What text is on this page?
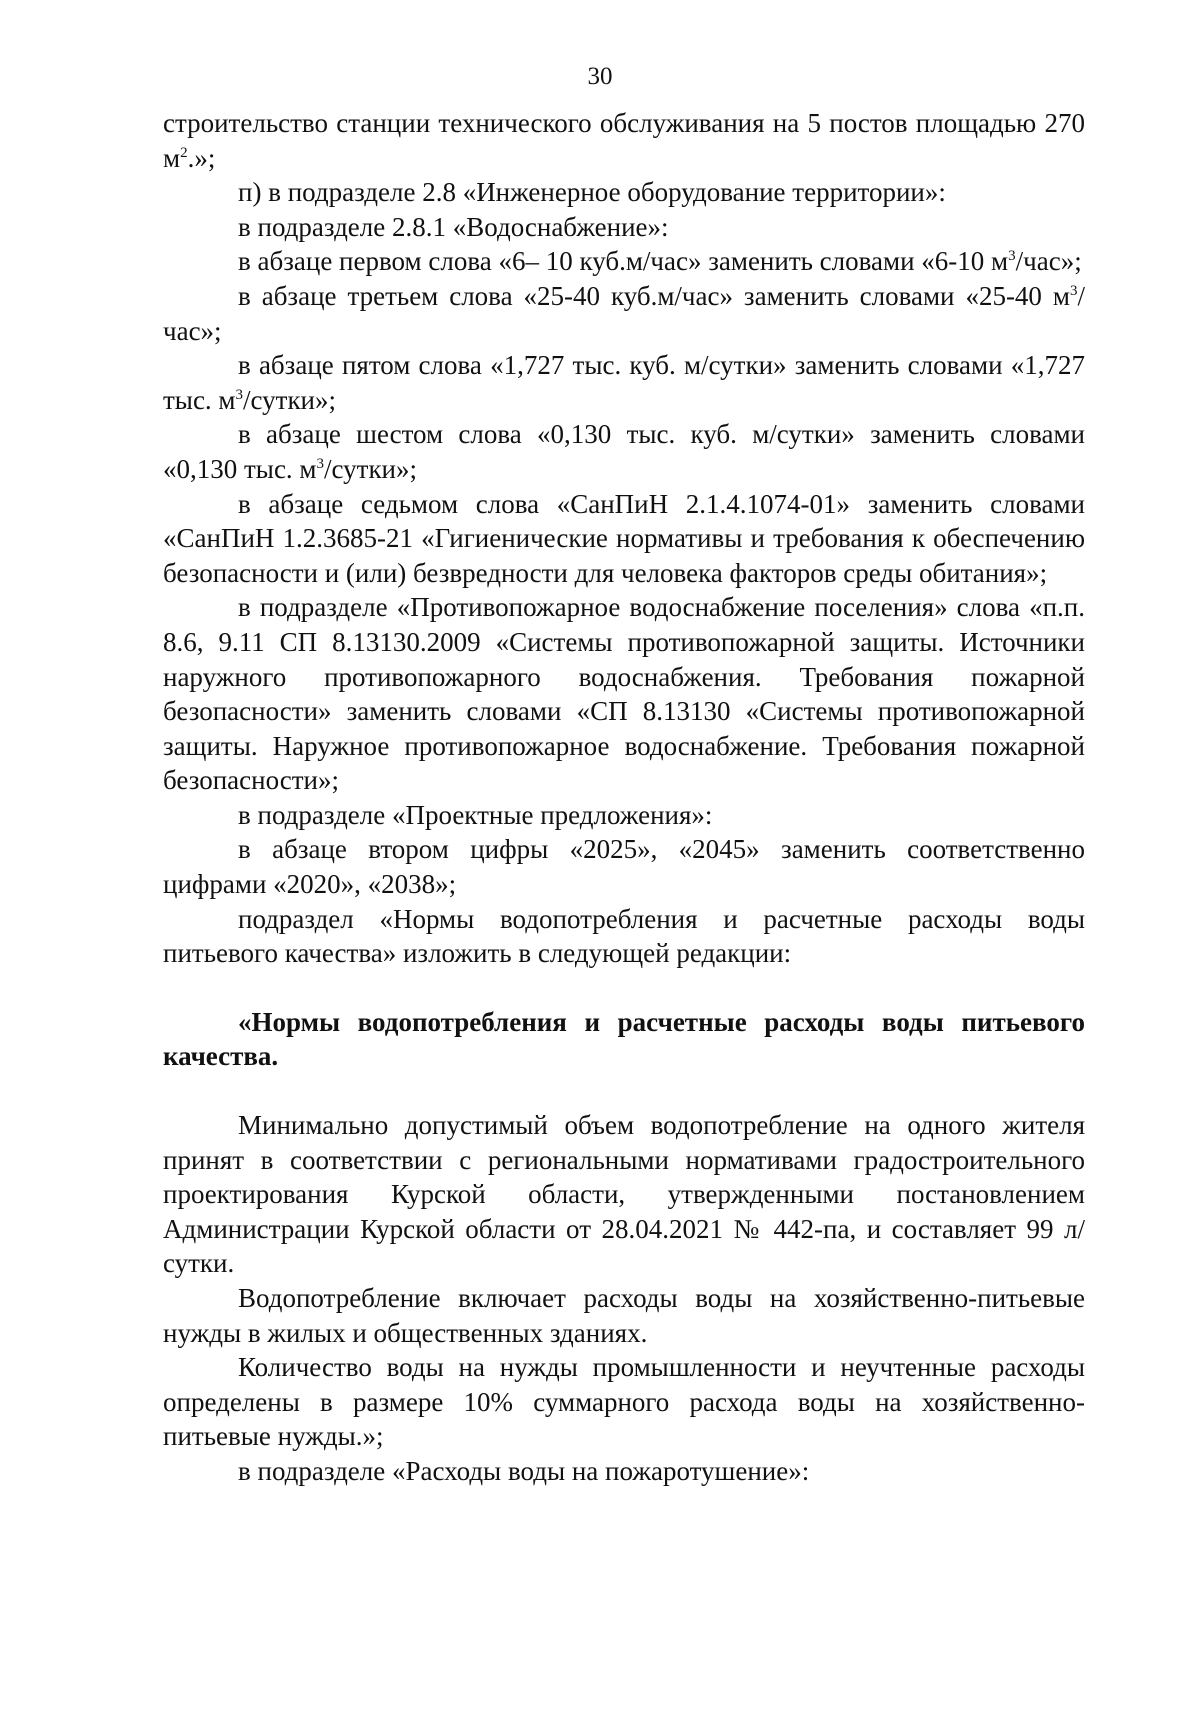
30

строительство станции технического обслуживания на 5 постов площадью 270 $м^2$.»;

п) в подразделе 2.8 «Инженерное оборудование территории»:

в подразделе 2.8.1 «Водоснабжение»:

в абзаце первом слова «6– 10 куб.м/час» заменить словами «6-10 $м^3$/час»;

в абзаце третьем слова «25-40 куб.м/час» заменить словами «25-40 $м^3$/час»;

в абзаце пятом слова «1,727 тыс. куб. м/сутки» заменить словами «1,727 тыс. $м^3$/сутки»;

в абзаце шестом слова «0,130 тыс. куб. м/сутки» заменить словами «0,130 тыс. $м^3$/сутки»;

в абзаце седьмом слова «СанПиН 2.1.4.1074-01» заменить словами «СанПиН 1.2.3685-21 «Гигиенические нормативы и требования к обеспечению безопасности и (или) безвредности для человека факторов среды обитания»;

в подразделе «Противопожарное водоснабжение поселения» слова «п.п. 8.6, 9.11 СП 8.13130.2009 «Системы противопожарной защиты. Источники наружного противопожарного водоснабжения. Требования пожарной безопасности» заменить словами «СП 8.13130 «Системы противопожарной защиты. Наружное противопожарное водоснабжение. Требования пожарной безопасности»;

в подразделе «Проектные предложения»:

в абзаце втором цифры «2025», «2045» заменить соответственно цифрами «2020», «2038»;

подраздел «Нормы водопотребления и расчетные расходы воды питьевого качества» изложить в следующей редакции:

«Нормы водопотребления и расчетные расходы воды питьевого качества.

Минимально допустимый объем водопотребление на одного жителя принят в соответствии с региональными нормативами градостроительного проектирования Курской области, утвержденными постановлением Администрации Курской области от 28.04.2021 № 442-па, и составляет 99 л/сутки.

Водопотребление включает расходы воды на хозяйственно-питьевые нужды в жилых и общественных зданиях.

Количество воды на нужды промышленности и неучтенные расходы определены в размере 10% суммарного расхода воды на хозяйственно-питьевые нужды.»;

в подразделе «Расходы воды на пожаротушение»:
